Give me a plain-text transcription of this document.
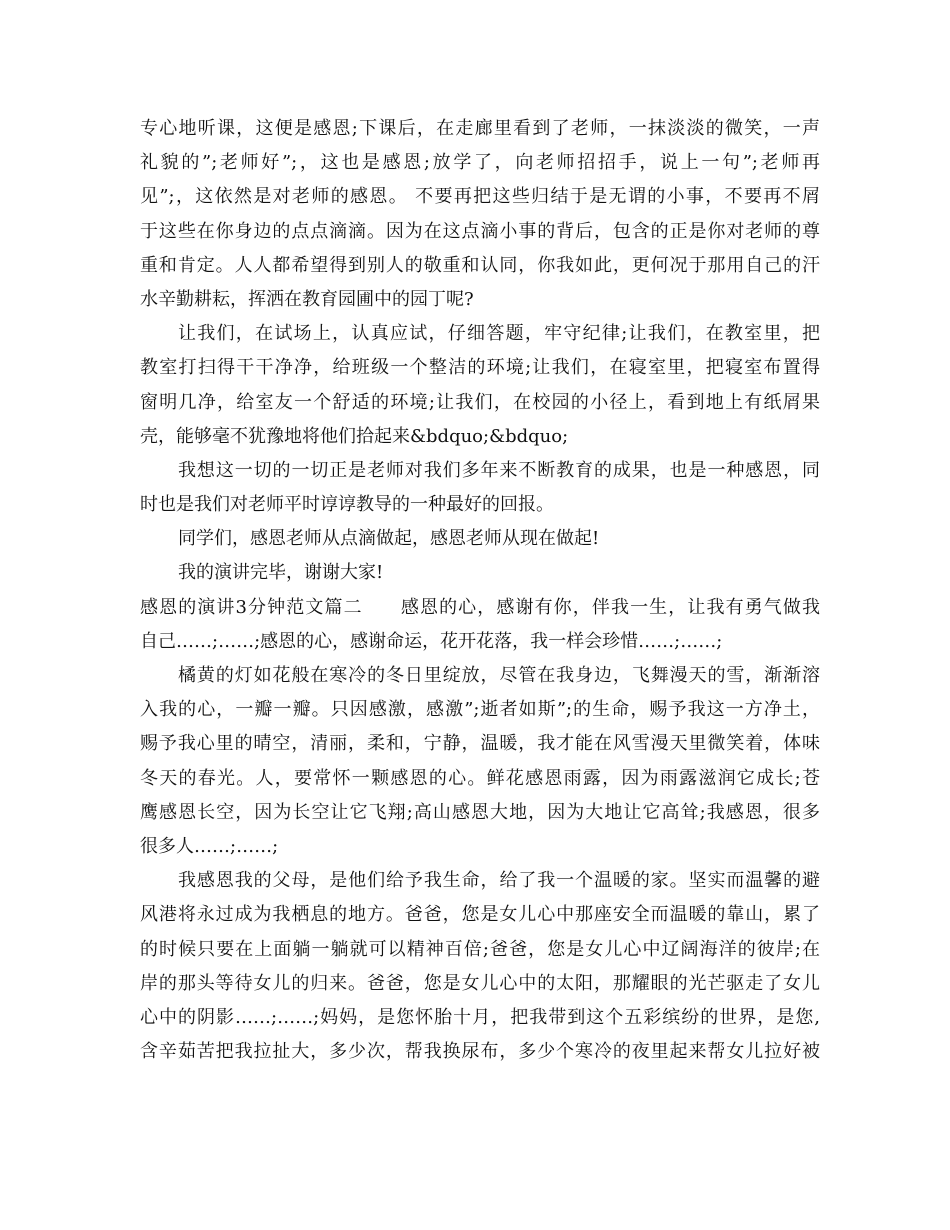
专心地听课，这便是感恩;下课后，在走廊里看到了老师，一抹淡淡的微笑，一声
礼貌的”;老师好”;，这也是感恩;放学了，向老师招招手，说上一句”;老师再
见”;，这依然是对老师的感恩。 不要再把这些归结于是无谓的小事，不要再不屑
于这些在你身边的点点滴滴。因为在这点滴小事的背后，包含的正是你对老师的尊
重和肯定。人人都希望得到别人的敬重和认同，你我如此，更何况于那用自己的汗
水辛勤耕耘，挥洒在教育园圃中的园丁呢?
让我们，在试场上，认真应试，仔细答题，牢守纪律;让我们，在教室里，把
教室打扫得干干净净，给班级一个整洁的环境;让我们，在寝室里，把寝室布置得
窗明几净，给室友一个舒适的环境;让我们，在校园的小径上，看到地上有纸屑果
壳，能够毫不犹豫地将他们拾起来&bdquo;&bdquo;
我想这一切的一切正是老师对我们多年来不断教育的成果，也是一种感恩，同
时也是我们对老师平时谆谆教导的一种最好的回报。
同学们，感恩老师从点滴做起，感恩老师从现在做起!
我的演讲完毕，谢谢大家!
感恩的演讲3分钟范文篇二　　感恩的心，感谢有你，伴我一生，让我有勇气做我
自己……;……;感恩的心，感谢命运，花开花落，我一样会珍惜……;……;
橘黄的灯如花般在寒冷的冬日里绽放，尽管在我身边，飞舞漫天的雪，渐渐溶
入我的心，一瓣一瓣。只因感激，感激”;逝者如斯”;的生命，赐予我这一方净土，
赐予我心里的晴空，清丽，柔和，宁静，温暖，我才能在风雪漫天里微笑着，体味
冬天的春光。人，要常怀一颗感恩的心。鲜花感恩雨露，因为雨露滋润它成长;苍
鹰感恩长空，因为长空让它飞翔;高山感恩大地，因为大地让它高耸;我感恩，很多
很多人……;……;
我感恩我的父母，是他们给予我生命，给了我一个温暖的家。坚实而温馨的避
风港将永过成为我栖息的地方。爸爸，您是女儿心中那座安全而温暖的靠山，累了
的时候只要在上面躺一躺就可以精神百倍;爸爸，您是女儿心中辽阔海洋的彼岸;在
岸的那头等待女儿的归来。爸爸，您是女儿心中的太阳，那耀眼的光芒驱走了女儿
心中的阴影……;……;妈妈，是您怀胎十月，把我带到这个五彩缤纷的世界，是您,
含辛茹苦把我拉扯大，多少次，帮我换尿布，多少个寒冷的夜里起来帮女儿拉好被
